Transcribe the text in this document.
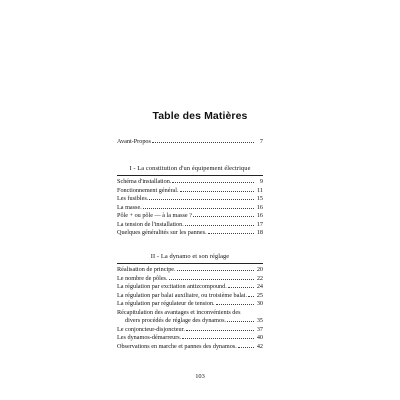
Table des Matières
Avant-Propos	7
I - La constitution d'un équipement électrique
Schéma d'installation.	9
Fonctionnement général.	11
Les fusibles.	15
La masse.	16
Pôle + ou pôle — à la masse ?	16
La tension de l'installation.	17
Quelques généralités sur les pannes.	18
II - La dynamo et son réglage
Réalisation de principe.	20
Le nombre de pôles.	22
La régulation par excitation antizcompound.	24
La régulation par balai auxiliaire, ou troisième balai. 25
La régulation par régulateur de tension.	30
Récapitulation des avantages et inconvénients des
divers procédés de réglage des dynamos.	35
Le conjoncteur-disjoncteur.	37
Les dynamos-démarreurs.	40
Observations en marche et pannes des dynamos.	42
103
